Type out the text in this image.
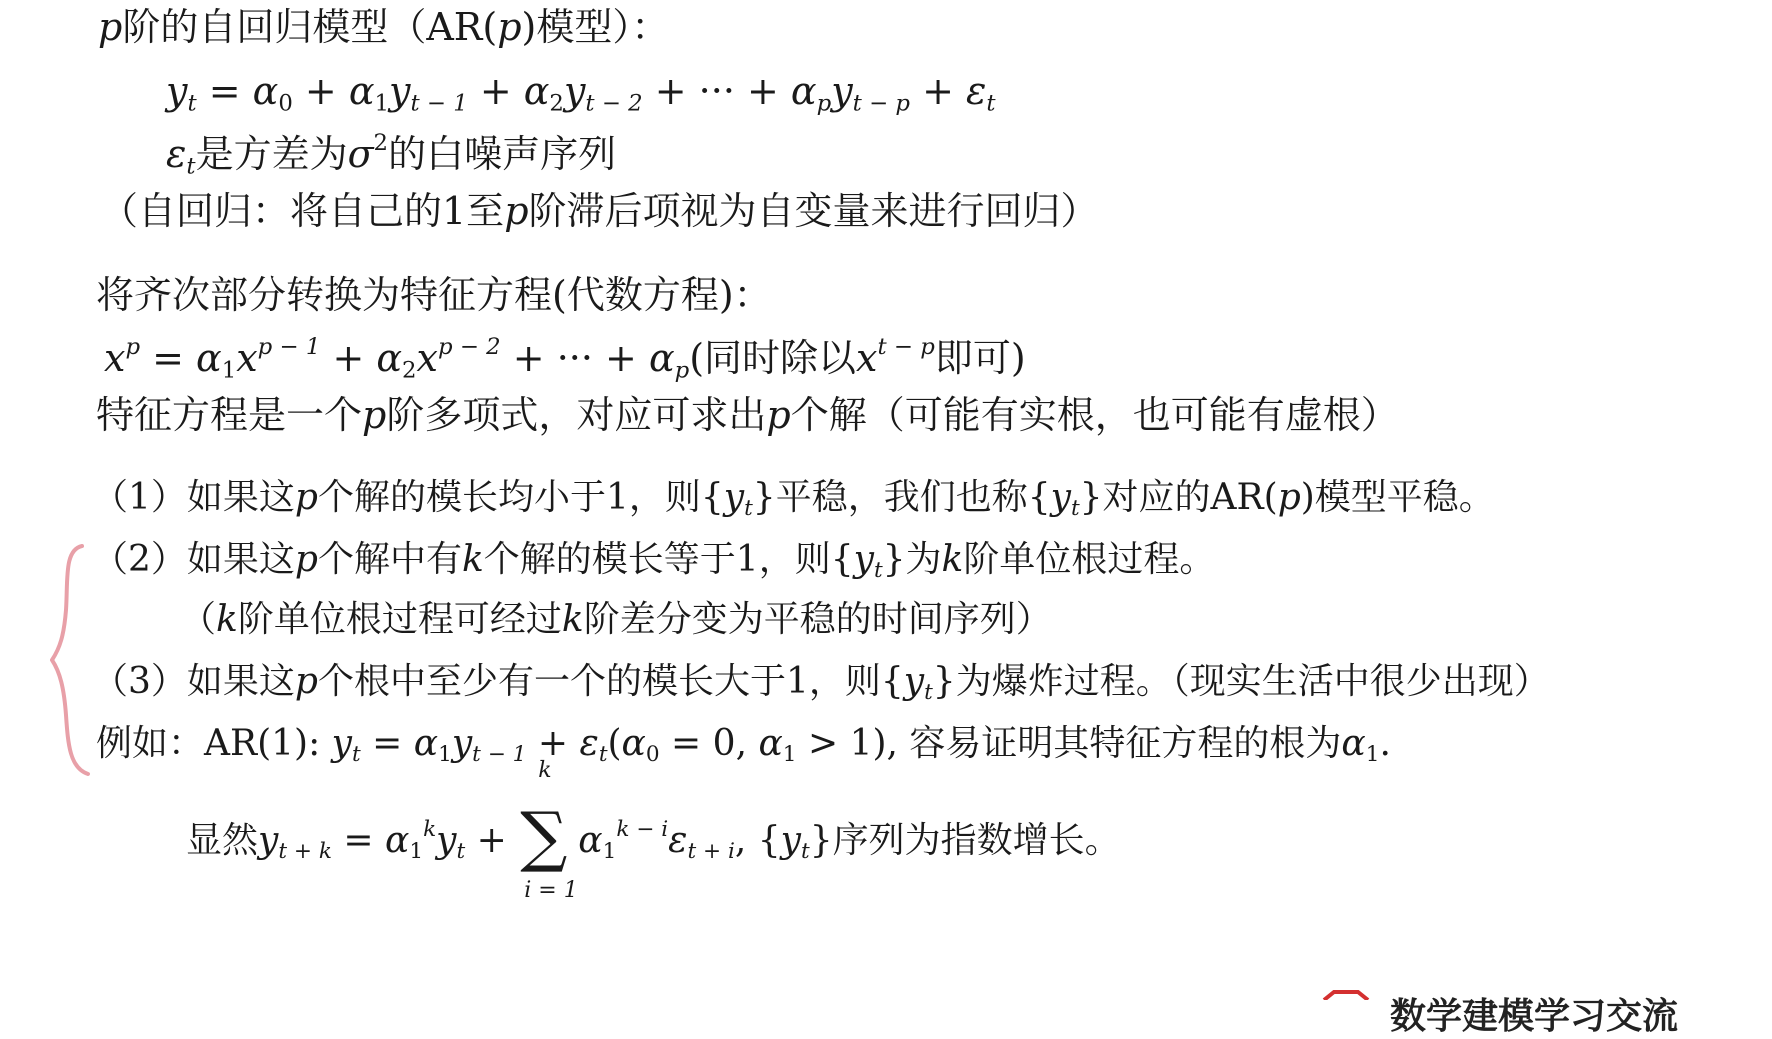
p阶的自回归模型（AR(p)模型）：
$y_t = \alpha_0 + \alpha_1y_{t - 1} + \alpha_2y_{t - 2}$ + ··· + $\alpha_py_{t - p} + \varepsilon_t$
$\varepsilon_t$是方差为$\sigma^2$的白噪声序列
（自回归：将自己的1至p阶滞后项视为自变量来进行回归）
将齐次部分转换为特征方程(代数方程)：
$x^p = \alpha_1x^{p - 1} + \alpha_2x^{p - 2}$ + ··· + $\alpha_p$(同时除以$x^{t - p}$即可)
特征方程是一个p阶多项式，对应可求出p个解（可能有实根，也可能有虚根）
（1）如果这p个解的模长均小于1，则$\{y_t\}$平稳，我们也称$\{y_t\}$对应的AR(p)模型平稳。
（2）如果这p个解中有k个解的模长等于1，则$\{y_t\}$为k阶单位根过程。
（k阶单位根过程可经过k阶差分变为平稳的时间序列）
（3）如果这p个根中至少有一个的模长大于1，则$\{y_t\}$为爆炸过程。（现实生活中很少出现）
例如：AR(1): $y_t = \alpha_1y_{t - 1} + \varepsilon_t(\alpha_0 = 0$, $\alpha_1 > 1$), 容易证明其特征方程的根为$\alpha_1$.
显然$y_{t + k} = \alpha_1^ky_t$ +
k
∑
i = 1
$\alpha_1^{k - i}\varepsilon_{t + i}$, $\{y_t\}$序列为指数增长。
数学建模学习交流
